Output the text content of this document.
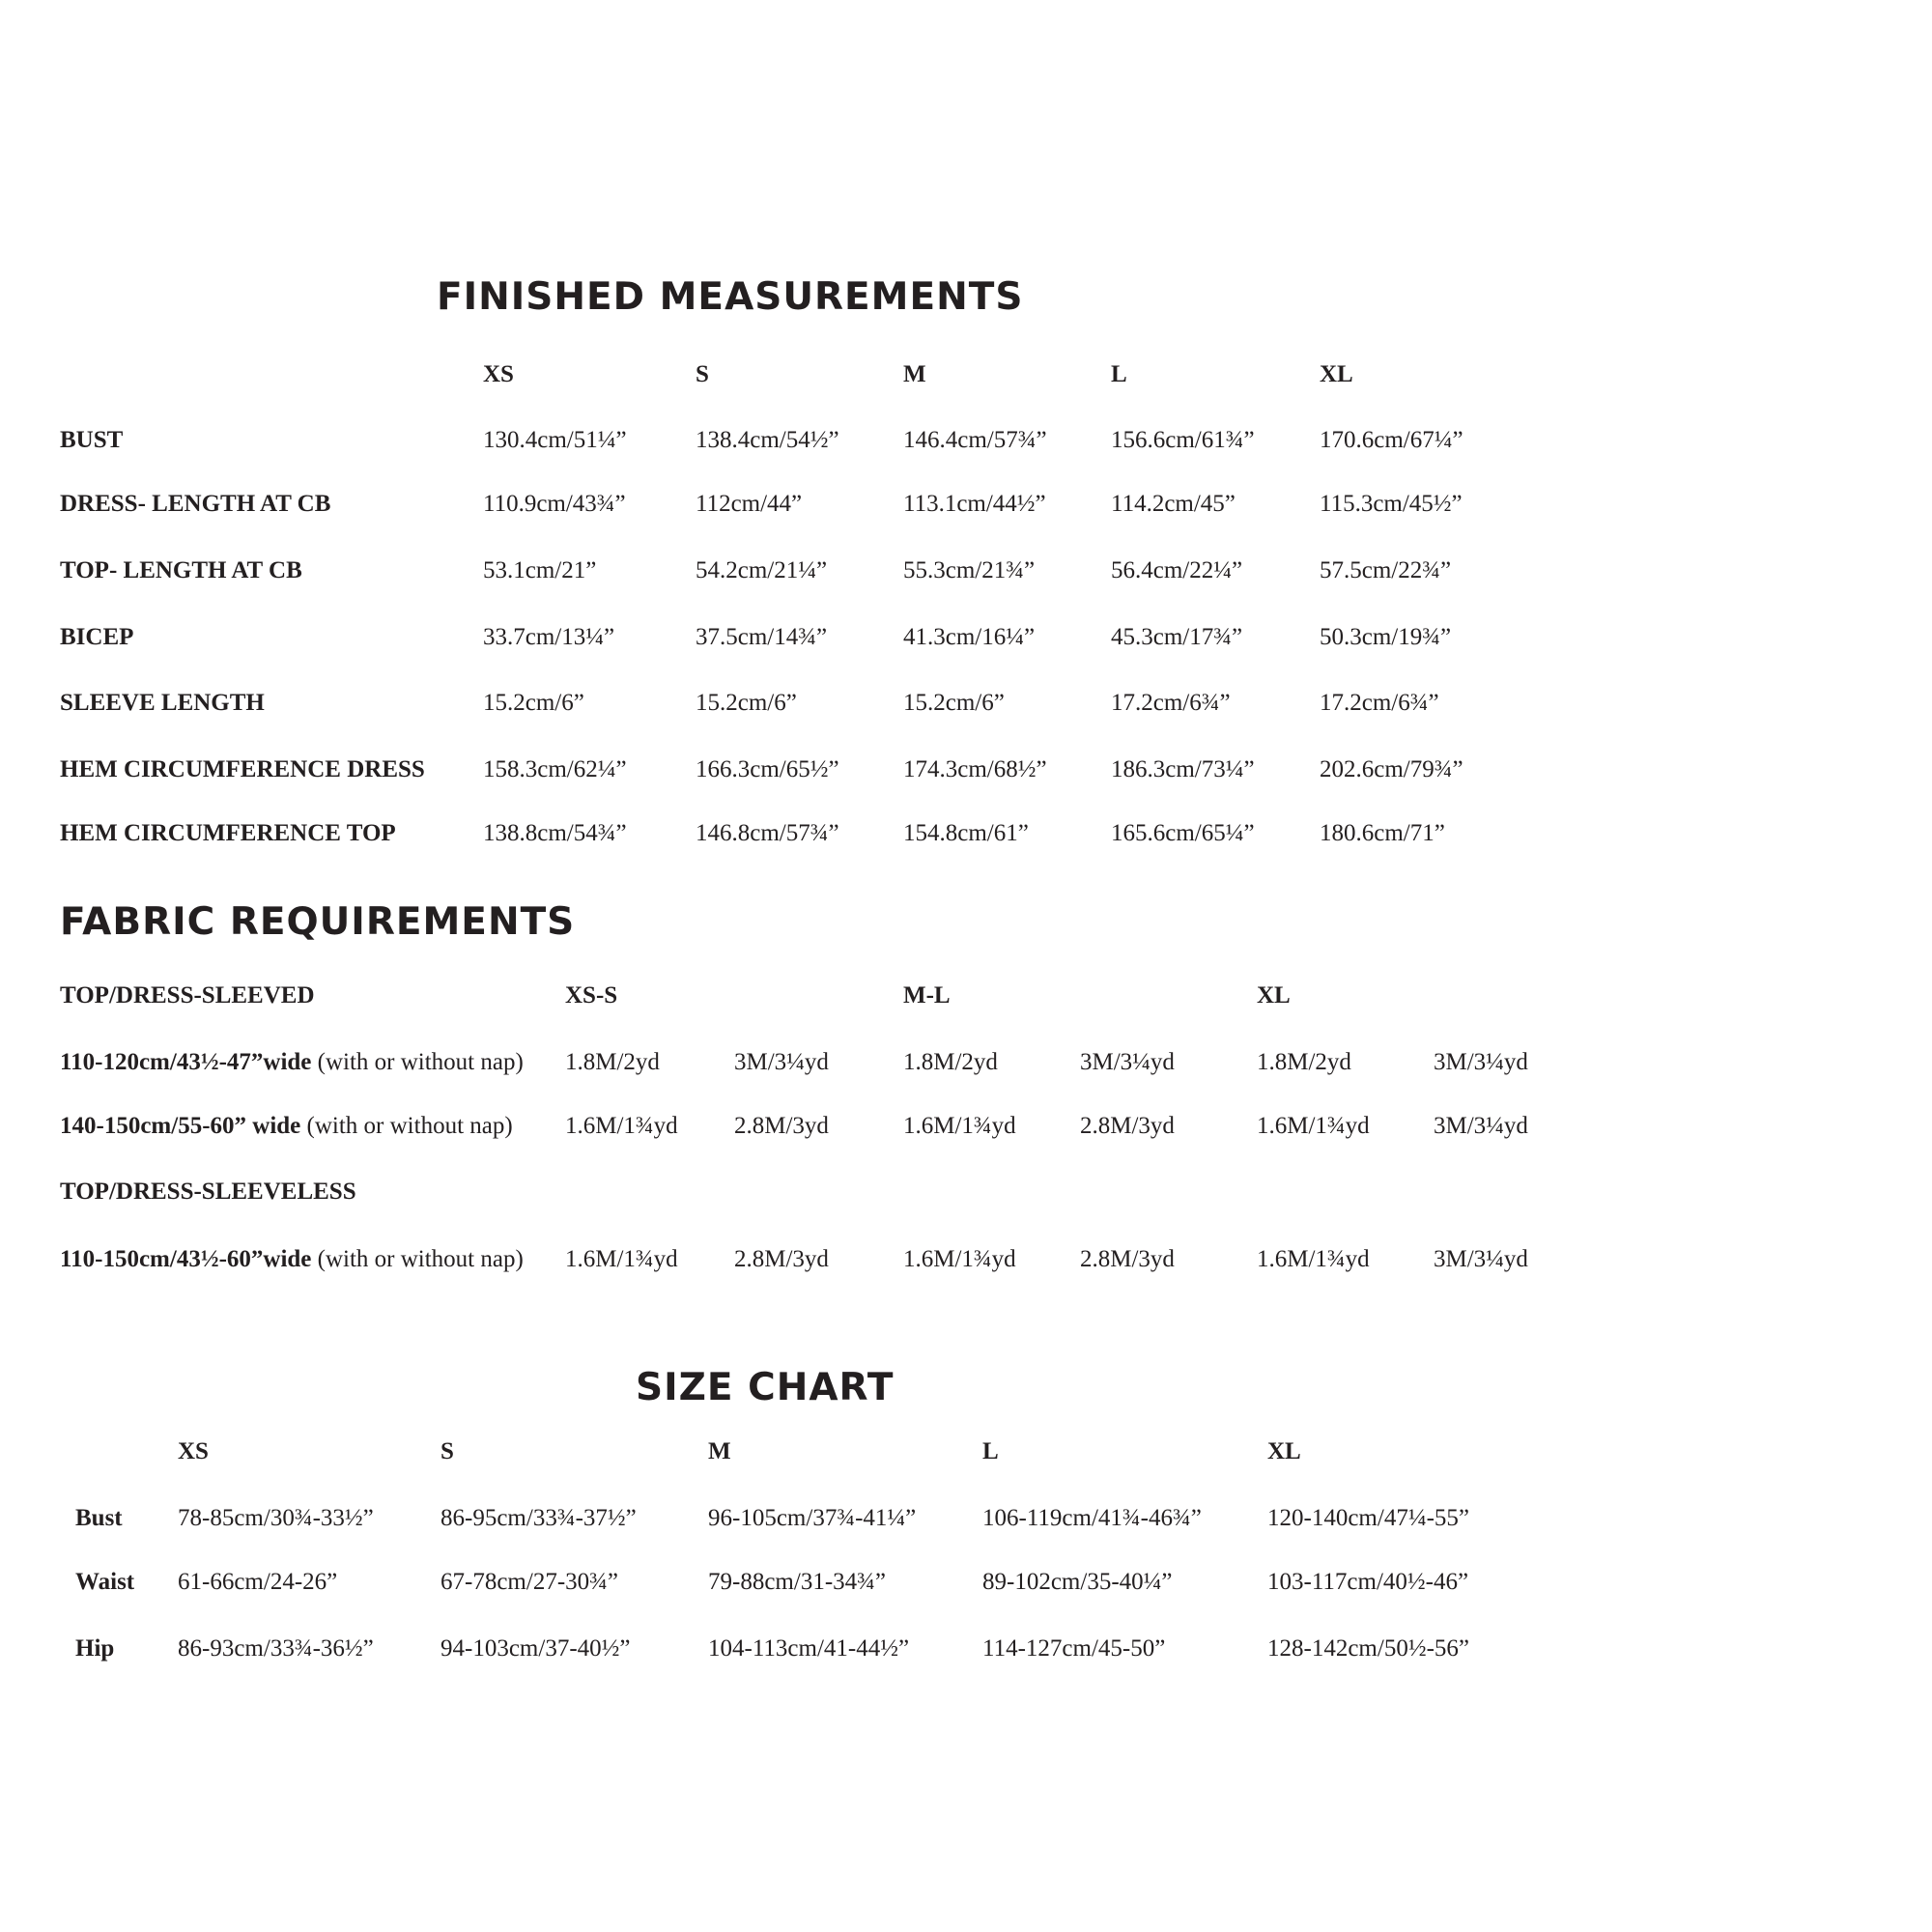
FINISHED MEASUREMENTS
XS	S	M	L	XL
BUST	130.4cm/51¼”	138.4cm/54½”	146.4cm/57¾”	156.6cm/61¾”	170.6cm/67¼”
DRESS- LENGTH AT CB	110.9cm/43¾”	112cm/44”	113.1cm/44½”	114.2cm/45”	115.3cm/45½”
TOP- LENGTH AT CB	53.1cm/21”	54.2cm/21¼”	55.3cm/21¾”	56.4cm/22¼”	57.5cm/22¾”
BICEP	33.7cm/13¼”	37.5cm/14¾”	41.3cm/16¼”	45.3cm/17¾”	50.3cm/19¾”
SLEEVE LENGTH	15.2cm/6”	15.2cm/6”	15.2cm/6”	17.2cm/6¾”	17.2cm/6¾”
HEM CIRCUMFERENCE DRESS 158.3cm/62¼”	166.3cm/65½”	174.3cm/68½”	186.3cm/73¼”	202.6cm/79¾”
HEM CIRCUMFERENCE TOP	138.8cm/54¾”	146.8cm/57¾”	154.8cm/61”	165.6cm/65¼”	180.6cm/71”
FABRIC REQUIREMENTS
TOP/DRESS-SLEEVED	XS-S	M-L	XL
110-120cm/43½-47”wide (with or without nap) 1.8M/2yd	3M/3¼yd	1.8M/2yd	3M/3¼yd	1.8M/2yd	3M/3¼yd
140-150cm/55-60” wide (with or without nap) 1.6M/1¾yd 2.8M/3yd	1.6M/1¾yd	2.8M/3yd	1.6M/1¾yd	3M/3¼yd
TOP/DRESS-SLEEVELESS
110-150cm/43½-60”wide (with or without nap) 1.6M/1¾yd 2.8M/3yd	1.6M/1¾yd	2.8M/3yd	1.6M/1¾yd	3M/3¼yd
SIZE CHART
XS	S	M	L	XL
Bust 78-85cm/30¾-33½”	86-95cm/33¾-37½”	96-105cm/37¾-41¼”	106-119cm/41¾-46¾”	120-140cm/47¼-55”
Waist 61-66cm/24-26”	67-78cm/27-30¾”	79-88cm/31-34¾”	89-102cm/35-40¼”	103-117cm/40½-46”
Hip	86-93cm/33¾-36½”	94-103cm/37-40½”	104-113cm/41-44½”	114-127cm/45-50”	128-142cm/50½-56”
